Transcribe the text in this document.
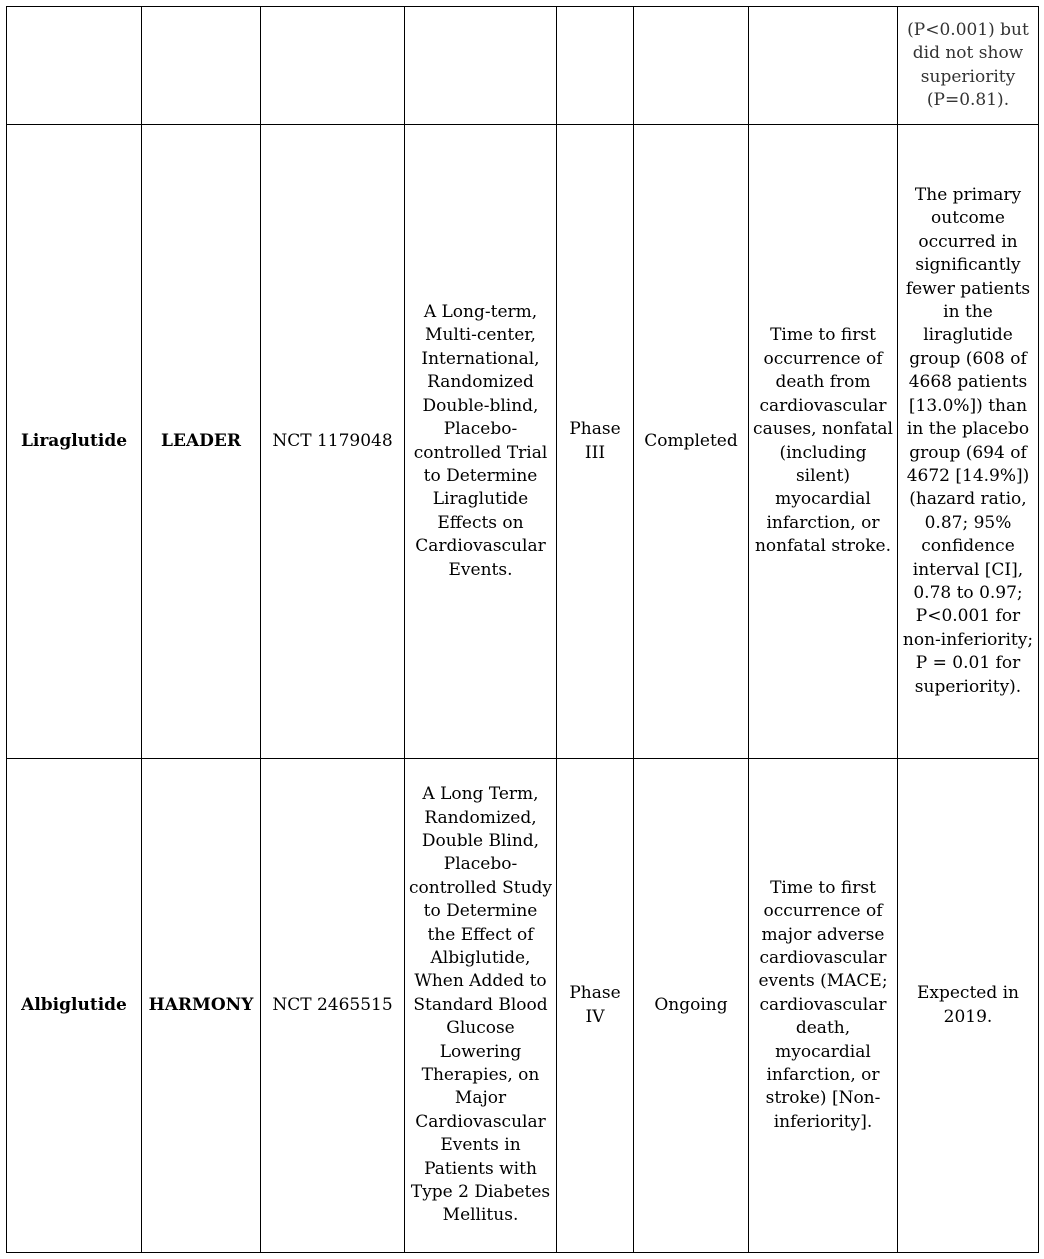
							(P<0.001) but did not show superiority (P=0.81).
Liraglutide	LEADER	NCT 1179048	A Long-term, Multi-center, International, Randomized Double-blind, Placebo-controlled Trial to Determine Liraglutide Effects on Cardiovascular Events.	Phase III	Completed	Time to first occurrence of death from cardiovascular causes, nonfatal (including silent) myocardial infarction, or nonfatal stroke.	The primary outcome occurred in significantly fewer patients in the liraglutide group (608 of 4668 patients [13.0%]) than in the placebo group (694 of 4672 [14.9%]) (hazard ratio, 0.87; 95% confidence interval [CI], 0.78 to 0.97; P<0.001 for non-inferiority; P = 0.01 for superiority).
Albiglutide	HARMONY	NCT 2465515	A Long Term, Randomized, Double Blind, Placebo-controlled Study to Determine the Effect of Albiglutide, When Added to Standard Blood Glucose Lowering Therapies, on Major Cardiovascular Events in Patients with Type 2 Diabetes Mellitus.	Phase IV	Ongoing	Time to first occurrence of major adverse cardiovascular events (MACE; cardiovascular death, myocardial infarction, or stroke) [Non-inferiority].	Expected in 2019.
